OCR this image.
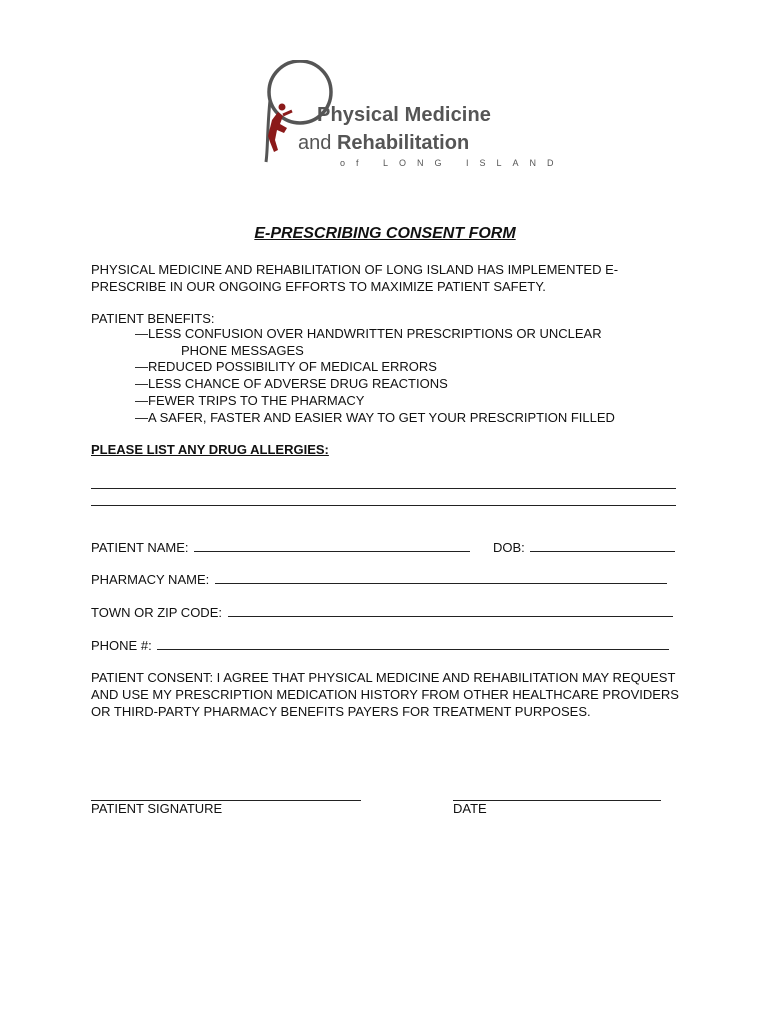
Physical Medicine
and Rehabilitation
of LONG ISLAND
E-PRESCRIBING CONSENT FORM
PHYSICAL MEDICINE AND REHABILITATION OF LONG ISLAND HAS IMPLEMENTED E-PRESCRIBE IN OUR ONGOING EFFORTS TO MAXIMIZE PATIENT SAFETY.
PATIENT BENEFITS:
—LESS CONFUSION OVER HANDWRITTEN PRESCRIPTIONS OR UNCLEAR
PHONE MESSAGES
—REDUCED POSSIBILITY OF MEDICAL ERRORS
—LESS CHANCE OF ADVERSE DRUG REACTIONS
—FEWER TRIPS TO THE PHARMACY
—A SAFER, FASTER AND EASIER WAY TO GET YOUR PRESCRIPTION FILLED
PLEASE LIST ANY DRUG ALLERGIES:
PATIENT NAME:	DOB:
PHARMACY NAME:
TOWN OR ZIP CODE:
PHONE #:
PATIENT CONSENT: I AGREE THAT PHYSICAL MEDICINE AND REHABILITATION MAY REQUEST AND USE MY PRESCRIPTION MEDICATION HISTORY FROM OTHER HEALTHCARE PROVIDERS OR THIRD-PARTY PHARMACY BENEFITS PAYERS FOR TREATMENT PURPOSES.
PATIENT SIGNATURE	DATE
